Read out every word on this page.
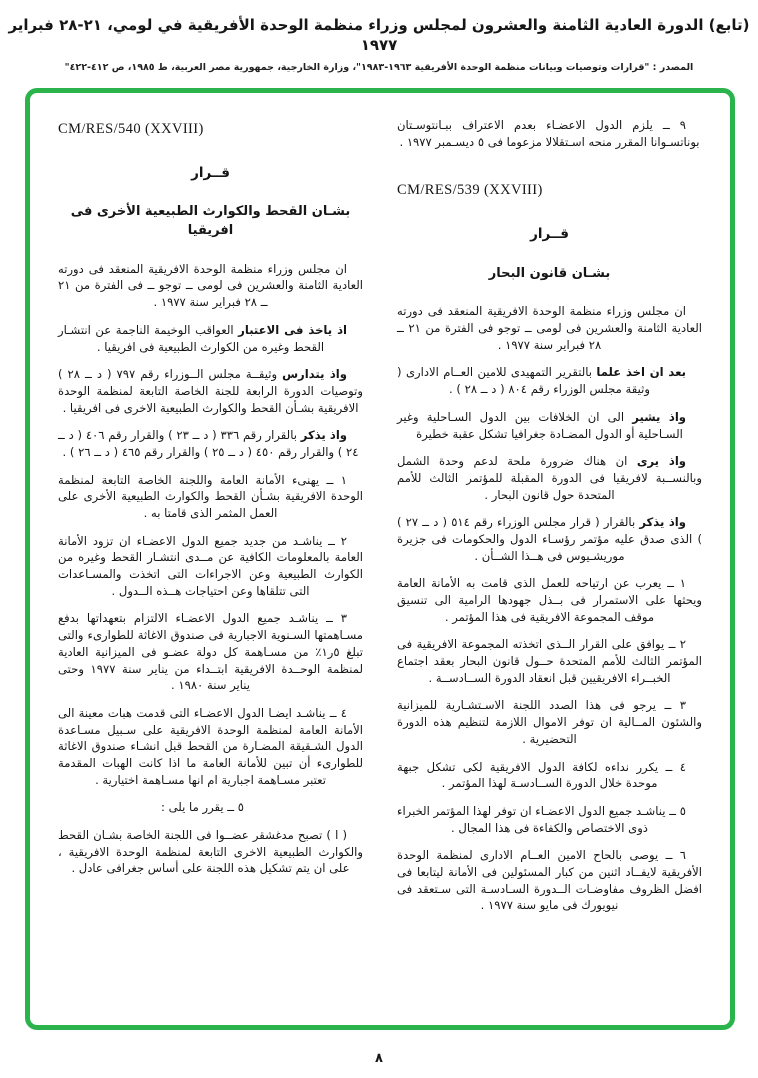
(تابع) الدورة العادية الثامنة والعشرون لمجلس وزراء منظمة الوحدة الأفريقية في لومي، ٢١-٢٨ فبراير ١٩٧٧
المصدر : "قرارات وتوصيات وبيانات منظمة الوحدة الأفريقية ١٩٦٣-١٩٨٣"، وزارة الخارجية، جمهورية مصر العربية، ط ١٩٨٥، ص ٤١٢-٤٢٢"

٩ ــ يلزم الدول الاعضـاء بعدم الاعتراف ببـانتوسـتان بوناتسـوانا المقرر منحه اسـتقلالا مزعوما فى ٥ ديسـمبر ١٩٧٧ .

CM/RES/539 (XXVIII)
قــرار
بشـان قانون البحار

ان مجلس وزراء منظمة الوحدة الافريقية المنعقد فى دورته العادية الثامنة والعشرين فى لومى ــ توجو فى الفترة من ٢١ ــ ٢٨ فبراير سنة ١٩٧٧ .

بعد ان اخذ علما بالتقرير التمهيدى للامين العــام الادارى ( وثيقة مجلس الوزراء رقم ٨٠٤ ( د ــ ٢٨ ) .

واذ يشير الى ان الخلافات بين الدول السـاحلية وغير السـاحلية أو الدول المضـادة جغرافيا تشكل عقبة خطيرة

واذ يرى ان هناك ضرورة ملحة لدعم وحدة الشمل وبالنســبة لافريقيا فى الدورة المقبلة للمؤتمر الثالث للأمم المتحدة حول قانون البحار .

واذ يذكر بالقرار ( قرار مجلس الوزراء رقم ٥١٤ ( د ــ ٢٧ ) ) الذى صدق عليه مؤتمر رؤسـاء الدول والحكومات فى جزيرة موريشـيوس فى هــذا الشــأن .

١ ــ يعرب عن ارتياحه للعمل الذى قامت به الأمانة العامة ويحثها على الاستمرار فى بــذل جهودها الرامية الى تنسيق موقف المجموعة الافريقية فى هذا المؤتمر .

٢ ــ يوافق على القرار الــذى اتخذته المجموعة الافريقية فى المؤتمر الثالث للأمم المتحدة حــول قانون البحار بعقد اجتماع الخبــراء الافريقيين قبل انعقاد الدورة الســادســة .

٣ ــ يرجو فى هذا الصدد اللجنة الاسـتشـارية للميزانية والشئون المــالية ان توفر الاموال اللازمة لتنظيم هذه الدورة التحضيرية .

٤ ــ يكرر نداءه لكافة الدول الافريقية لكى تشكل جبهة موحدة خلال الدورة الســادسـة لهذا المؤتمر .

٥ ــ يناشـد جميع الدول الاعضـاء ان توفر لهذا المؤتمر الخبراء ذوى الاختصاص والكفاءة فى هذا المجال .

٦ ــ يوصى بالحاح الامين العــام الادارى لمنظمة الوحدة الأفريقية لايفــاد اثنين من كبار المسئولين فى الأمانة ليتابعا فى افضل الظروف مفاوضـات الــدورة السـادسـة التى سـتعقد فى نيويورك فى مايو سنة ١٩٧٧ .

CM/RES/540 (XXVIII)
قــرار
بشـان القحط والكوارث الطبيعية الأخرى فى افريقيا

ان مجلس وزراء منظمة الوحدة الافريقية المنعقد فى دورته العادية الثامنة والعشرين فى لومى ــ توجو ــ فى الفترة من ٢١ ــ ٢٨ فبراير سنة ١٩٧٧ .

اذ ياخذ فى الاعتبار العواقب الوخيمة الناجمة عن انتشـار القحط وغيره من الكوارث الطبيعية فى افريقيا .

واذ يتدارس وثيقــة مجلس الــوزراء رقم ٧٩٧ ( د ــ ٢٨ ) وتوصيات الدورة الرابعة للجنة الخاصة التابعة لمنظمة الوحدة الافريقية بشـأن القحط والكوارث الطبيعية الاخرى فى افريقيا .

واذ يذكر بالقرار رقم ٣٣٦ ( د ــ ٢٣ ) والقرار رقم ٤٠٦ ( د ــ ٢٤ ) والقرار رقم ٤٥٠ ( د ــ ٢٥ ) والقرار رقم ٤٦٥ ( د ــ ٢٦ ) .

١ ــ يهنىء الأمانة العامة واللجنة الخاصة التابعة لمنظمة الوحدة الافريقية بشـأن القحط والكوارث الطبيعية الأخرى على العمل المثمر الذى قامتا به .

٢ ــ يناشـد من جديد جميع الدول الاعضـاء ان تزود الأمانة العامة بالمعلومات الكافية عن مــدى انتشـار القحط وغيره من الكوارث الطبيعية وعن الاجراءات التى اتخذت والمسـاعدات التى تتلقاها وعن احتياجات هــذه الــدول .

٣ ــ يناشـد جميع الدول الاعضـاء الالتزام بتعهداتها بدفع مسـاهمتها السـنوية الاجبارية فى صندوق الاغاثة للطوارىء والتى تبلغ ٥ر١٪ من مسـاهمة كل دولة عضـو فى الميزانية العادية لمنظمة الوحــدة الافريقية ابتــداء من يناير سنة ١٩٧٧ وحتى يناير سنة ١٩٨٠ .

٤ ــ يناشـد ايضـا الدول الاعضـاء التى قدمت هبات معينة الى الأمانة العامة لمنظمة الوحدة الافريقية على سـبيل مسـاعدة الدول الشـقيقة المضـارة من القحط قبل انشـاء صندوق الاغاثة للطوارىء أن تبين للأمانة العامة ما اذا كانت الهبات المقدمة تعتبر مسـاهمة اجبارية ام انها مسـاهمة اختيارية .

٥ ــ يقرر ما يلى :

( ا ) تصبح مدغشقر عضــوا فى اللجنة الخاصة بشـان القحط والكوارث الطبيعية الاخرى التابعة لمنظمة الوحدة الافريقية ، على ان يتم تشكيل هذه اللجنة على أساس جغرافى عادل .

٨
